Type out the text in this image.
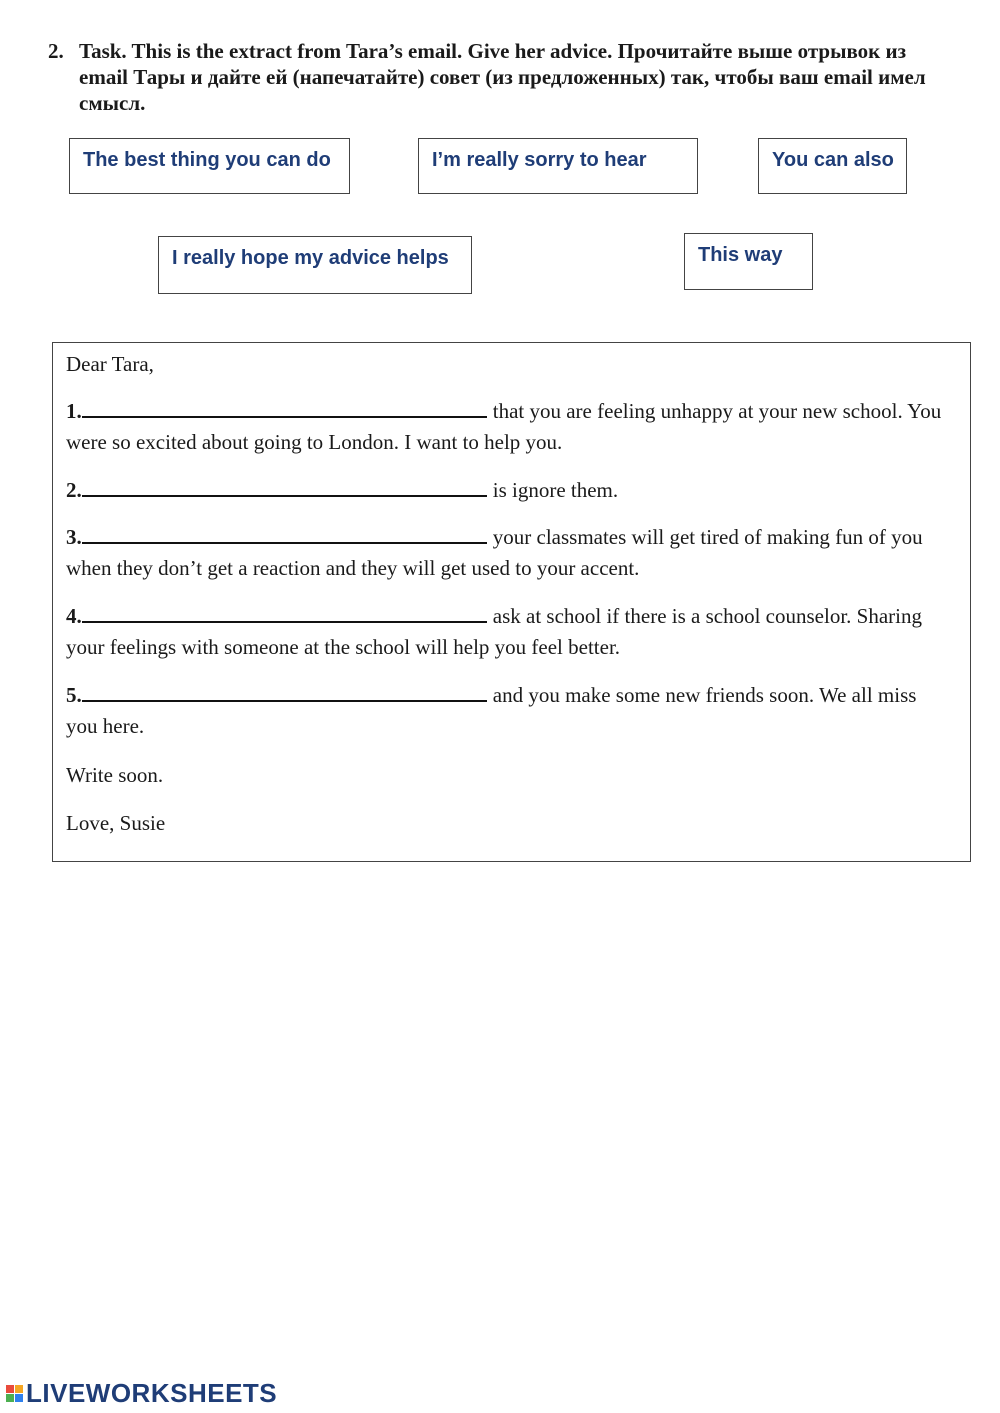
2. Task. This is the extract from Tara’s email. Give her advice. Прочитайте выше отрывок из email Тары и дайте ей (напечатайте) совет (из предложенных) так, чтобы ваш email имел смысл.
The best thing you can do	I’m really sorry to hear	You can also
I really hope my advice helps	This way
Dear Tara,
1.	that you are feeling unhappy at your new school. You were so excited about going to London. I want to help you.
2.	is ignore them.
3.	your classmates will get tired of making fun of you when they don’t get a reaction and they will get used to your accent.
4.	ask at school if there is a school counselor. Sharing your feelings with someone at the school will help you feel better.
5.	and you make some new friends soon. We all miss you here.
Write soon.
Love, Susie
LIVEWORKSHEETS
